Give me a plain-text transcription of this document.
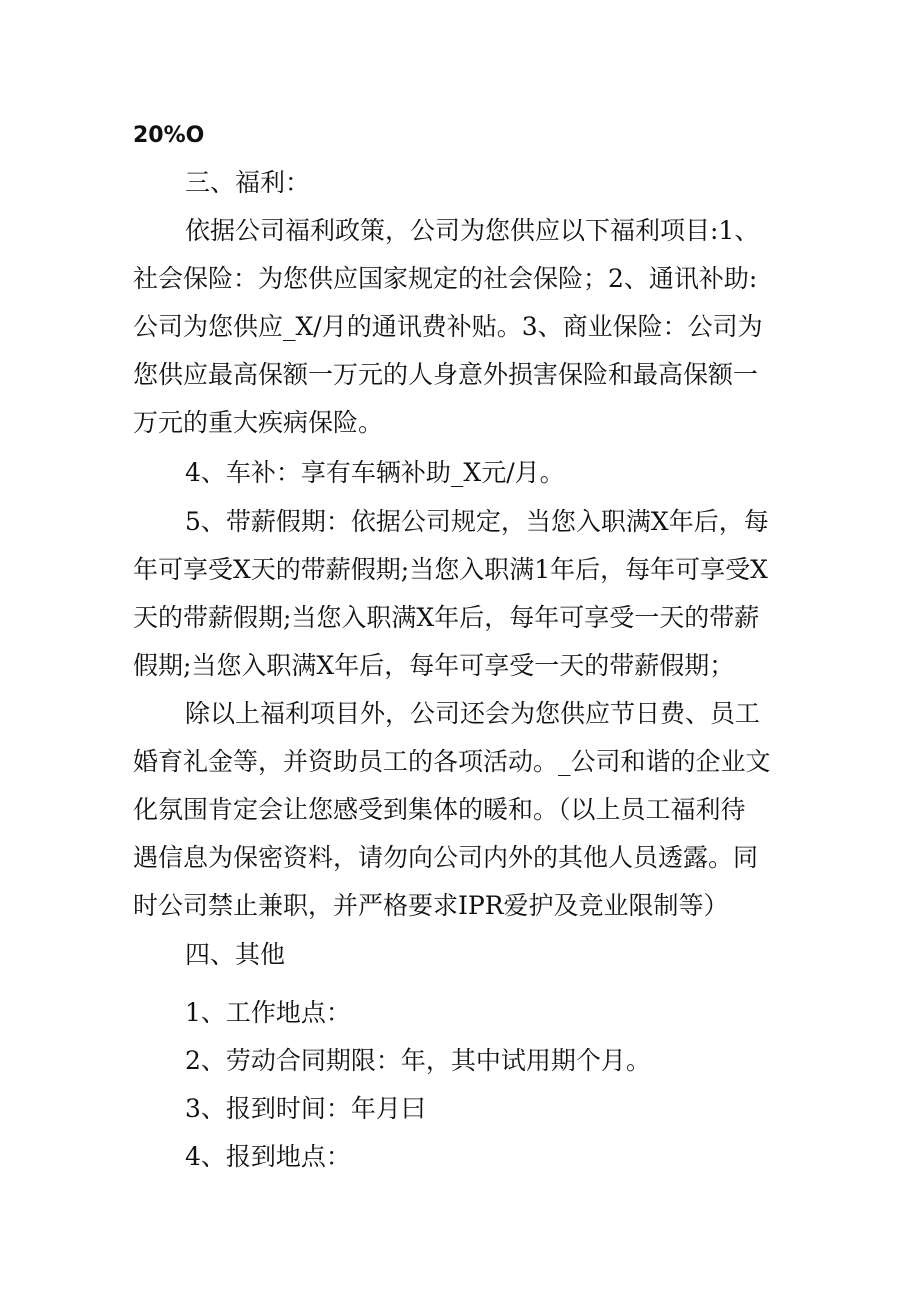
20%O
三、福利：
依据公司福利政策，公司为您供应以下福利项目:1、
社会保险：为您供应国家规定的社会保险；2、通讯补助:
公司为您供应_X/月的通讯费补贴。3、商业保险：公司为
您供应最高保额一万元的人身意外损害保险和最高保额一
万元的重大疾病保险。
4、车补：享有车辆补助_X元/月。
5、带薪假期：依据公司规定，当您入职满X年后，每
年可享受X天的带薪假期;当您入职满1年后，每年可享受X
天的带薪假期;当您入职满X年后，每年可享受一天的带薪
假期;当您入职满X年后，每年可享受一天的带薪假期；
除以上福利项目外，公司还会为您供应节日费、员工
婚育礼金等，并资助员工的各项活动。_公司和谐的企业文
化氛围肯定会让您感受到集体的暖和。（以上员工福利待
遇信息为保密资料，请勿向公司内外的其他人员透露。同
时公司禁止兼职，并严格要求IPR爱护及竞业限制等）
四、其他
1、工作地点：
2、劳动合同期限：年，其中试用期个月。
3、报到时间：年月曰
4、报到地点：
